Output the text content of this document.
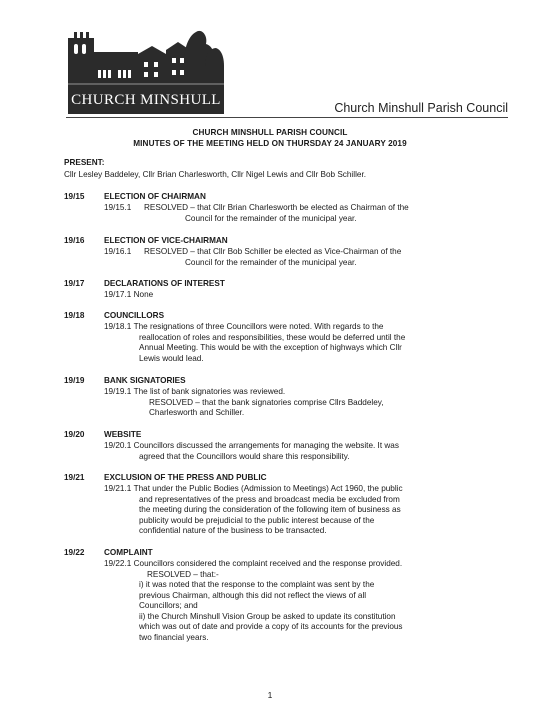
CHURCH MINSHULL	Church Minshull Parish Council
CHURCH MINSHULL PARISH COUNCIL
MINUTES OF THE MEETING HELD ON THURSDAY 24 JANUARY 2019
PRESENT:
Cllr Lesley Baddeley, Cllr Brian Charlesworth, Cllr Nigel Lewis and Cllr Bob Schiller.
19/15 ELECTION OF CHAIRMAN
19/15.1 RESOLVED – that Cllr Brian Charlesworth be elected as Chairman of the
Council for the remainder of the municipal year.
19/16 ELECTION OF VICE-CHAIRMAN
19/16.1 RESOLVED – that Cllr Bob Schiller be elected as Vice-Chairman of the
Council for the remainder of the municipal year.
19/17 DECLARATIONS OF INTEREST
19/17.1 None
19/18 COUNCILLORS
19/18.1 The resignations of three Councillors were noted. With regards to the
reallocation of roles and responsibilities, these would be deferred until the
Annual Meeting. This would be with the exception of highways which Cllr
Lewis would lead.
19/19 BANK SIGNATORIES
19/19.1 The list of bank signatories was reviewed.
RESOLVED – that the bank signatories comprise Cllrs Baddeley,
Charlesworth and Schiller.
19/20 WEBSITE
19/20.1 Councillors discussed the arrangements for managing the website. It was
agreed that the Councillors would share this responsibility.
19/21 EXCLUSION OF THE PRESS AND PUBLIC
19/21.1 That under the Public Bodies (Admission to Meetings) Act 1960, the public
and representatives of the press and broadcast media be excluded from
the meeting during the consideration of the following item of business as
publicity would be prejudicial to the public interest because of the
confidential nature of the business to be transacted.
19/22 COMPLAINT
19/22.1 Councillors considered the complaint received and the response provided.
RESOLVED – that:-
i) it was noted that the response to the complaint was sent by the
previous Chairman, although this did not reflect the views of all
Councillors; and
ii) the Church Minshull Vision Group be asked to update its constitution
which was out of date and provide a copy of its accounts for the previous
two financial years.
1
